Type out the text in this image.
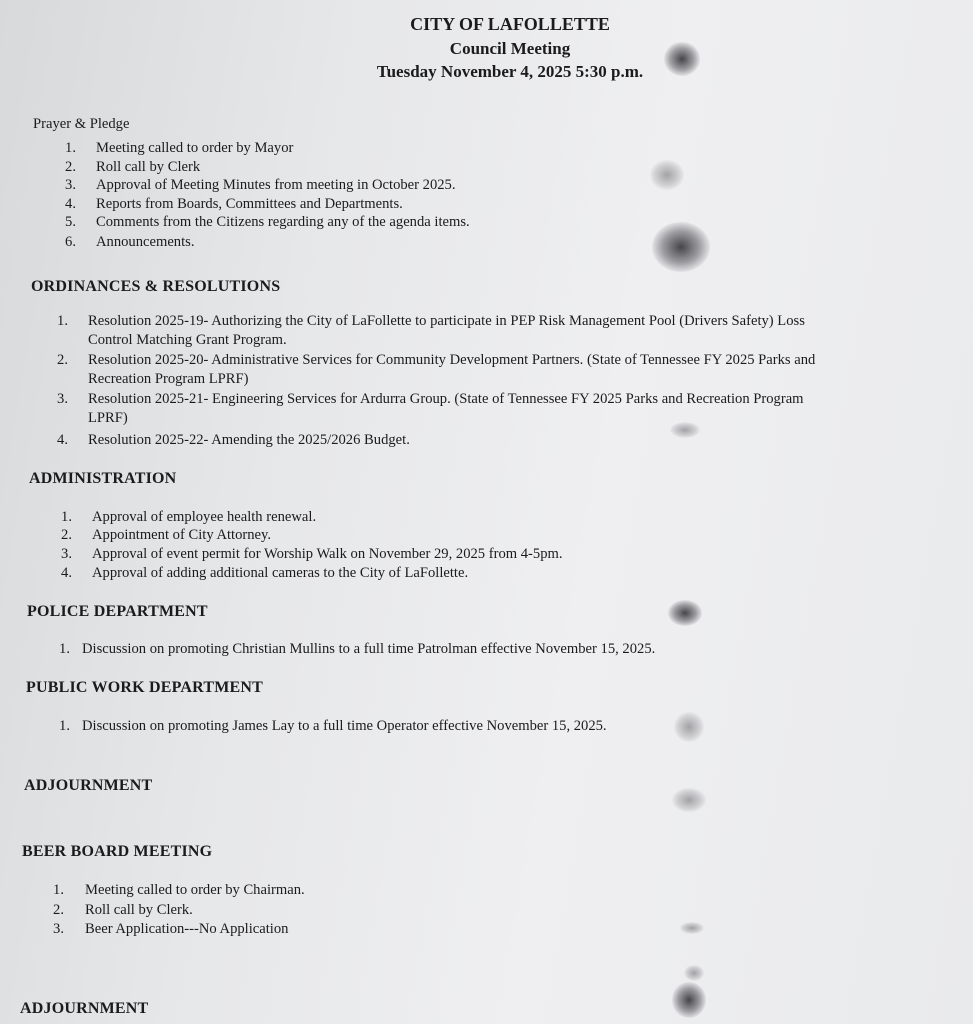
CITY OF LAFOLLETTE
Council Meeting
Tuesday November 4, 2025 5:30 p.m.
Prayer & Pledge
1. Meeting called to order by Mayor
2. Roll call by Clerk
3. Approval of Meeting Minutes from meeting in October 2025.
4. Reports from Boards, Committees and Departments.
5. Comments from the Citizens regarding any of the agenda items.
6. Announcements.
ORDINANCES & RESOLUTIONS
1. Resolution 2025-19- Authorizing the City of LaFollette to participate in PEP Risk Management Pool (Drivers Safety) Loss
Control Matching Grant Program.
2. Resolution 2025-20- Administrative Services for Community Development Partners. (State of Tennessee FY 2025 Parks and
Recreation Program LPRF)
3. Resolution 2025-21- Engineering Services for Ardurra Group. (State of Tennessee FY 2025 Parks and Recreation Program
LPRF)
4. Resolution 2025-22- Amending the 2025/2026 Budget.
ADMINISTRATION
1. Approval of employee health renewal.
2. Appointment of City Attorney.
3. Approval of event permit for Worship Walk on November 29, 2025 from 4-5pm.
4. Approval of adding additional cameras to the City of LaFollette.
POLICE DEPARTMENT
1. Discussion on promoting Christian Mullins to a full time Patrolman effective November 15, 2025.
PUBLIC WORK DEPARTMENT
1. Discussion on promoting James Lay to a full time Operator effective November 15, 2025.
ADJOURNMENT
BEER BOARD MEETING
1. Meeting called to order by Chairman.
2. Roll call by Clerk.
3. Beer Application---No Application
ADJOURNMENT
